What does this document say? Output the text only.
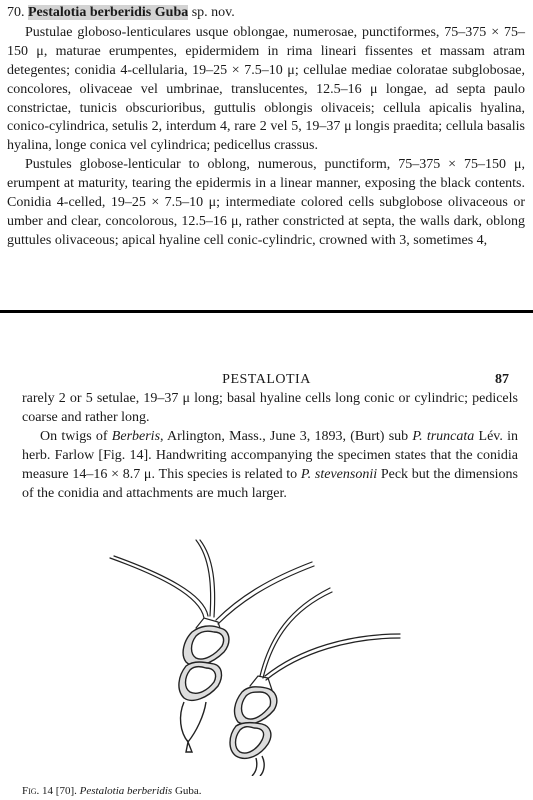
70. Pestalotia berberidis Guba sp. nov.

Pustulae globoso-lenticulares usque oblongae, numerosae, punctiformes, 75–375 × 75–150 μ, maturae erumpentes, epidermidem in rima lineari fissentes et massam atram detegentes; conidia 4-cellularia, 19–25 × 7.5–10 μ; cellulae mediae coloratae subglobosae, concolores, olivaceae vel umbrinae, translucentes, 12.5–16 μ longae, ad septa paulo constrictae, tunicis obscurioribus, guttulis oblongis olivaceis; cellula apicalis hyalina, conico-cylindrica, setulis 2, interdum 4, rare 2 vel 5, 19–37 μ longis praedita; cellula basalis hyalina, longe conica vel cylindrica; pedicellus crassus.

Pustules globose-lenticular to oblong, numerous, punctiform, 75–375 × 75–150 μ, erumpent at maturity, tearing the epidermis in a linear manner, exposing the black contents. Conidia 4-celled, 19–25 × 7.5–10 μ; intermediate colored cells subglobose olivaceous or umber and clear, concolorous, 12.5–16 μ, rather constricted at septa, the walls dark, oblong guttules olivaceous; apical hyaline cell conic-cylindric, crowned with 3, sometimes 4,

PESTALOTIA	87

rarely 2 or 5 setulae, 19–37 μ long; basal hyaline cells long conic or cylindric; pedicels coarse and rather long.

On twigs of Berberis, Arlington, Mass., June 3, 1893, (Burt) sub P. truncata Lév. in herb. Farlow [Fig. 14]. Handwriting accompanying the specimen states that the conidia measure 14–16 × 8.7 μ. This species is related to P. stevensonii Peck but the dimensions of the conidia and attachments are much larger.

Fig. 14 [70]. Pestalotia berberidis Guba.
